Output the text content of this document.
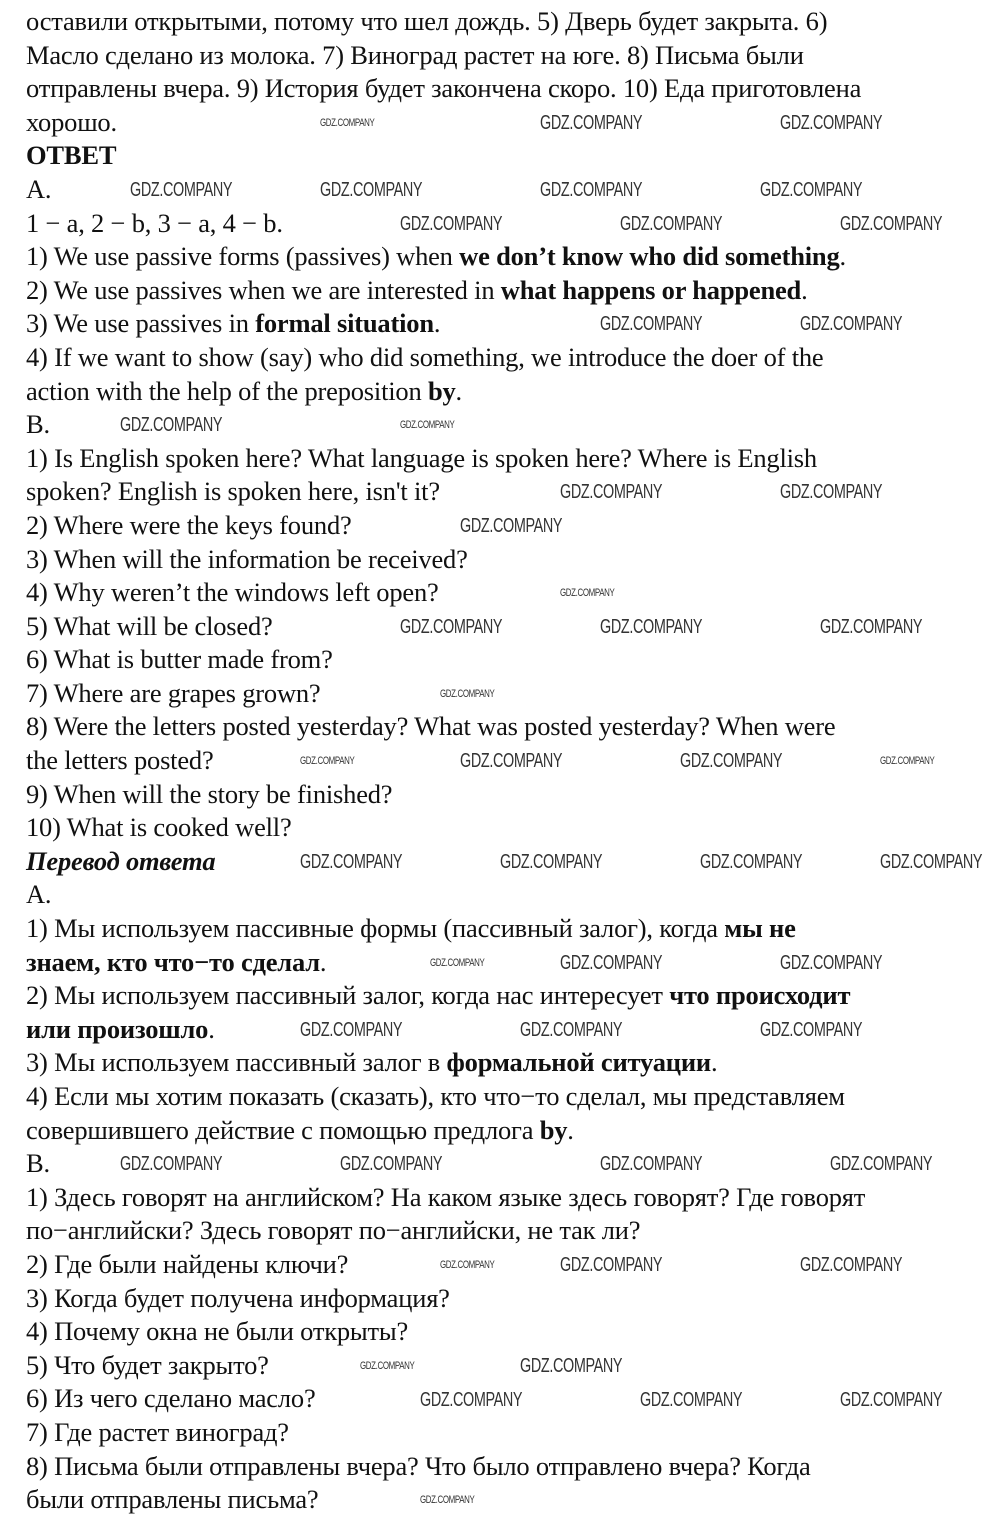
оставили открытыми, потому что шел дождь. 5) Дверь будет закрыта. 6)
Масло сделано из молока. 7) Виноград растет на юге. 8) Письма были
отправлены вчера. 9) История будет закончена скоро. 10) Еда приготовлена
хорошо.
ОТВЕТ
A.
1 − a, 2 − b, 3 − a, 4 − b.
1) We use passive forms (passives) when we don’t know who did something.
2) We use passives when we are interested in what happens or happened.
3) We use passives in formal situation.
4) If we want to show (say) who did something, we introduce the doer of the
action with the help of the preposition by.
B.
1) Is English spoken here? What language is spoken here? Where is English
spoken? English is spoken here, isn't it?
2) Where were the keys found?
3) When will the information be received?
4) Why weren’t the windows left open?
5) What will be closed?
6) What is butter made from?
7) Where are grapes grown?
8) Were the letters posted yesterday? What was posted yesterday? When were
the letters posted?
9) When will the story be finished?
10) What is cooked well?
Перевод ответа
A.
1) Мы используем пассивные формы (пассивный залог), когда мы не
знаем, кто что−то сделал.
2) Мы используем пассивный залог, когда нас интересует что происходит
или произошло.
3) Мы используем пассивный залог в формальной ситуации.
4) Если мы хотим показать (сказать), кто что−то сделал, мы представляем
совершившего действие с помощью предлога by.
B.
1) Здесь говорят на английском? На каком языке здесь говорят? Где говорят
по−английски? Здесь говорят по−английски, не так ли?
2) Где были найдены ключи?
3) Когда будет получена информация?
4) Почему окна не были открыты?
5) Что будет закрыто?
6) Из чего сделано масло?
7) Где растет виноград?
8) Письма были отправлены вчера? Что было отправлено вчера? Когда
были отправлены письма?
GDZ.COMPANY	GDZ.COMPANY	GDZ.COMPANY
GDZ.COMPANY	GDZ.COMPANY	GDZ.COMPANY	GDZ.COMPANY
GDZ.COMPANY	GDZ.COMPANY	GDZ.COMPANY
GDZ.COMPANY	GDZ.COMPANY
GDZ.COMPANY	GDZ.COMPANY
GDZ.COMPANY	GDZ.COMPANY
GDZ.COMPANY
GDZ.COMPANY
GDZ.COMPANY	GDZ.COMPANY	GDZ.COMPANY
GDZ.COMPANY
GDZ.COMPANY	GDZ.COMPANY	GDZ.COMPANY	GDZ.COMPANY
GDZ.COMPANY	GDZ.COMPANY	GDZ.COMPANY	GDZ.COMPANY
GDZ.COMPANY	GDZ.COMPANY	GDZ.COMPANY
GDZ.COMPANY	GDZ.COMPANY	GDZ.COMPANY
GDZ.COMPANY	GDZ.COMPANY	GDZ.COMPANY	GDZ.COMPANY
GDZ.COMPANY	GDZ.COMPANY	GDZ.COMPANY
GDZ.COMPANY	GDZ.COMPANY
GDZ.COMPANY	GDZ.COMPANY	GDZ.COMPANY
GDZ.COMPANY
